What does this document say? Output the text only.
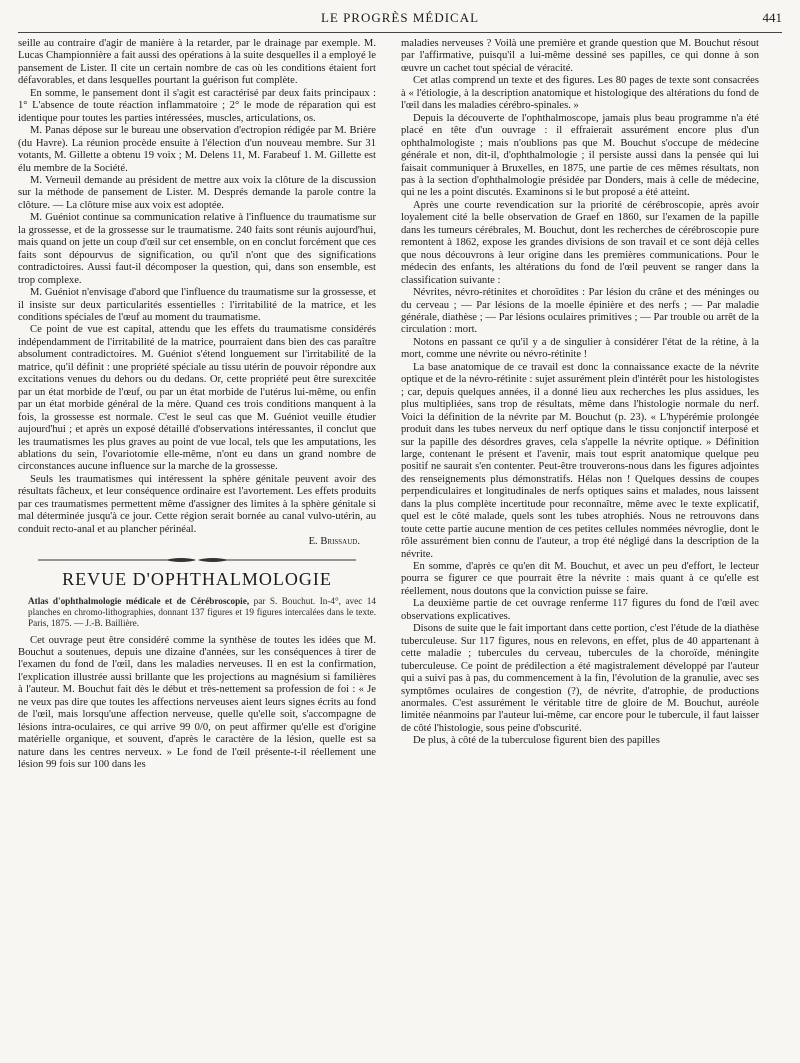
LE PROGRÈS MÉDICAL	441

seille au contraire d'agir de manière à la retarder, par le drainage par exemple. M. Lucas Championnière a fait aussi des opérations à la suite desquelles il a employé le pansement de Lister. Il cite un certain nombre de cas où les conditions étaient fort défavorables, et dans lesquelles pourtant la guérison fut complète.

En somme, le pansement dont il s'agit est caractérisé par deux faits principaux : 1° L'absence de toute réaction inflammatoire ; 2° le mode de réparation qui est identique pour toutes les parties intéressées, muscles, articulations, os.

M. Panas dépose sur le bureau une observation d'ectropion rédigée par M. Brière (du Havre). La réunion procède ensuite à l'élection d'un nouveau membre. Sur 31 votants, M. Gillette a obtenu 19 voix ; M. Delens 11, M. Farabeuf 1. M. Gillette est élu membre de la Société.

M. Verneuil demande au président de mettre aux voix la clôture de la discussion sur la méthode de pansement de Lister. M. Després demande la parole contre la clôture. — La clôture mise aux voix est adoptée.

M. Guéniot continue sa communication relative à l'influence du traumatisme sur la grossesse, et de la grossesse sur le traumatisme. 240 faits sont réunis aujourd'hui, mais quand on jette un coup d'œil sur cet ensemble, on en conclut forcément que ces faits sont dépourvus de signification, ou qu'il n'ont que des significations contradictoires. Aussi faut-il décomposer la question, qui, dans son ensemble, est trop complexe.

M. Guéniot n'envisage d'abord que l'influence du traumatisme sur la grossesse, et il insiste sur deux particularités essentielles : l'irritabilité de la matrice, et les conditions spéciales de l'œuf au moment du traumatisme.

Ce point de vue est capital, attendu que les effets du traumatisme considérés indépendamment de l'irritabilité de la matrice, pourraient dans bien des cas paraître absolument contradictoires. M. Guéniot s'étend longuement sur l'irritabilité de la matrice, qu'il définit : une propriété spéciale au tissu utérin de pouvoir répondre aux excitations venues du dehors ou du dedans. Or, cette propriété peut être surexcitée par un état morbide de l'œuf, ou par un état morbide de l'utérus lui-même, ou enfin par un état morbide général de la mère. Quand ces trois conditions manquent à la fois, la grossesse est normale. C'est le seul cas que M. Guéniot veuille étudier aujourd'hui ; et après un exposé détaillé d'observations intéressantes, il conclut que les traumatismes les plus graves au point de vue local, tels que les amputations, les ablations du sein, l'ovariotomie elle-même, n'ont eu dans un grand nombre de circonstances aucune influence sur la marche de la grossesse.

Seuls les traumatismes qui intéressent la sphère génitale peuvent avoir des résultats fâcheux, et leur conséquence ordinaire est l'avortement. Les effets produits par ces traumatismes permettent même d'assigner des limites à la sphère génitale si mal déterminée jusqu'à ce jour. Cette région serait bornée au canal vulvo-utérin, au conduit recto-anal et au plancher périnéal.

E. Brissaud.

REVUE D'OPHTHALMOLOGIE

Atlas d'ophthalmologie médicale et de Cérébroscopie, par S. Bouchut. In-4°, avec 14 planches en chromo-lithographies, donnant 137 figures et 19 figures intercalées dans le texte. Paris, 1875. — J.-B. Baillière.

Cet ouvrage peut être considéré comme la synthèse de toutes les idées que M. Bouchut a soutenues, depuis une dizaine d'années, sur les conséquences à tirer de l'examen du fond de l'œil, dans les maladies nerveuses. Il en est la confirmation, l'explication illustrée aussi brillante que les projections au magnésium si familières à l'auteur. M. Bouchut fait dès le début et très-nettement sa profession de foi : « Je ne veux pas dire que toutes les affections nerveuses aient leurs signes écrits au fond de l'œil, mais lorsqu'une affection nerveuse, quelle qu'elle soit, s'accompagne de lésions intra-oculaires, ce qui arrive 99 0/0, on peut affirmer qu'elle est d'origine matérielle organique, et souvent, d'après le caractère de la lésion, quelle est sa nature dans les centres nerveux. » Le fond de l'œil présente-t-il réellement une lésion 99 fois sur 100 dans les

maladies nerveuses ? Voilà une première et grande question que M. Bouchut résout par l'affirmative, puisqu'il a lui-même dessiné ses papilles, ce qui donne à son œuvre un cachet tout spécial de véracité.

Cet atlas comprend un texte et des figures. Les 80 pages de texte sont consacrées à « l'étiologie, à la description anatomique et histologique des altérations du fond de l'œil dans les maladies cérébro-spinales. »

Depuis la découverte de l'ophthalmoscope, jamais plus beau programme n'a été placé en tête d'un ouvrage : il effraierait assurément encore plus d'un ophthalmologiste ; mais n'oublions pas que M. Bouchut s'occupe de médecine générale et non, dit-il, d'ophthalmologie ; il persiste aussi dans la pensée qui lui faisait communiquer à Bruxelles, en 1875, une partie de ces mêmes résultats, non pas à la section d'ophthalmologie présidée par Donders, mais à celle de médecine, qui ne les a point discutés. Examinons si le but proposé a été atteint.

Après une courte revendication sur la priorité de cérébroscopie, après avoir loyalement cité la belle observation de Graef en 1860, sur l'examen de la papille dans les tumeurs cérébrales, M. Bouchut, dont les recherches de cérébroscopie pure remontent à 1862, expose les grandes divisions de son travail et ce sont déjà celles que nous découvrons à leur origine dans les premières communications. Pour le médecin des enfants, les altérations du fond de l'œil peuvent se ranger dans la classification suivante :

Névrites, névro-rétinites et choroïdites : Par lésion du crâne et des méninges ou du cerveau ; — Par lésions de la moelle épinière et des nerfs ; — Par maladie générale, diathèse ; — Par lésions oculaires primitives ; — Par trouble ou arrêt de la circulation : mort.

Notons en passant ce qu'il y a de singulier à considérer l'état de la rétine, à la mort, comme une névrite ou névro-rétinite !

La base anatomique de ce travail est donc la connaissance exacte de la névrite optique et de la névro-rétinite : sujet assurément plein d'intérêt pour les histologistes ; car, depuis quelques années, il a donné lieu aux recherches les plus assidues, les plus multipliées, sans trop de résultats, même dans l'histologie normale du nerf. Voici la définition de la névrite par M. Bouchut (p. 23). « L'hypérémie prolongée produit dans les tubes nerveux du nerf optique dans le tissu conjonctif interposé et sur la papille des désordres graves, cela s'appelle la névrite optique. » Définition large, contenant le présent et l'avenir, mais tout esprit anatomique quelque peu positif ne saurait s'en contenter. Peut-être trouverons-nous dans les figures adjointes des renseignements plus démonstratifs. Hélas non ! Quelques dessins de coupes perpendiculaires et longitudinales de nerfs optiques sains et malades, nous laissent dans la plus complète incertitude pour reconnaître, même avec le texte explicatif, quel est le côté malade, quels sont les tubes atrophiés. Nous ne retrouvons dans toute cette partie aucune mention de ces petites cellules nommées névroglie, dont le rôle assurément bien connu de l'auteur, a trop été négligé dans la description de la névrite.

En somme, d'après ce qu'en dit M. Bouchut, et avec un peu d'effort, le lecteur pourra se figurer ce que pourrait être la névrite : mais quant à ce qu'elle est réellement, nous doutons que la conviction puisse se faire.

La deuxième partie de cet ouvrage renferme 117 figures du fond de l'œil avec observations explicatives.

Disons de suite que le fait important dans cette portion, c'est l'étude de la diathèse tuberculeuse. Sur 117 figures, nous en relevons, en effet, plus de 40 appartenant à cette maladie ; tubercules du cerveau, tubercules de la choroïde, méningite tuberculeuse. Ce point de prédilection a été magistralement développé par l'auteur qui a suivi pas à pas, du commencement à la fin, l'évolution de la granulie, avec ses symptômes oculaires de congestion (?), de névrite, d'atrophie, de productions anormales. C'est assurément le véritable titre de gloire de M. Bouchut, auréole limitée néanmoins par l'auteur lui-même, car encore pour le tubercule, il faut laisser de côté l'histologie, sous peine d'obscurité.

De plus, à côté de la tuberculose figurent bien des papilles
